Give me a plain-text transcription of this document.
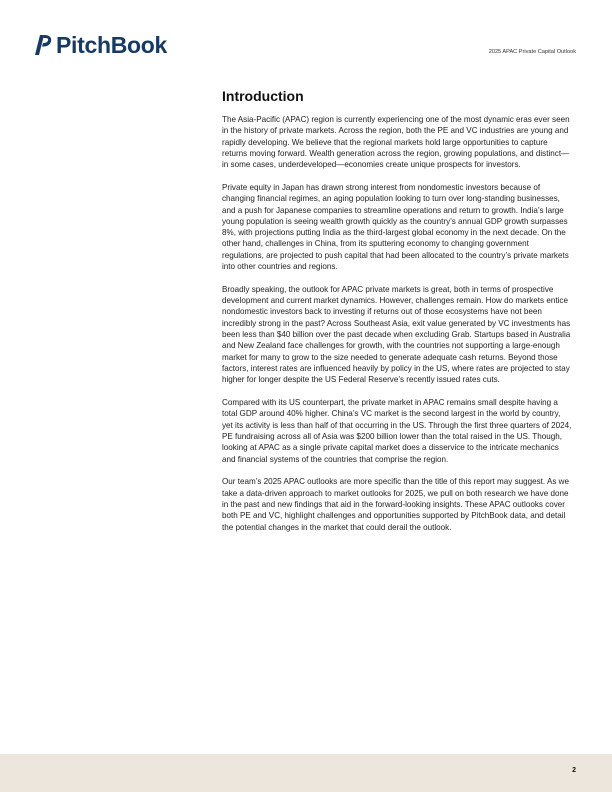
PitchBook	2025 APAC Private Capital Outlook
Introduction

The Asia-Pacific (APAC) region is currently experiencing one of the most dynamic eras ever seen in the history of private markets. Across the region, both the PE and VC industries are young and rapidly developing. We believe that the regional markets hold large opportunities to capture returns moving forward. Wealth generation across the region, growing populations, and distinct—in some cases, underdeveloped—economies create unique prospects for investors.

Private equity in Japan has drawn strong interest from nondomestic investors because of changing financial regimes, an aging population looking to turn over long-standing businesses, and a push for Japanese companies to streamline operations and return to growth. India’s large young population is seeing wealth growth quickly as the country’s annual GDP growth surpasses 8%, with projections putting India as the third-largest global economy in the next decade. On the other hand, challenges in China, from its sputtering economy to changing government regulations, are projected to push capital that had been allocated to the country’s private markets into other countries and regions.

Broadly speaking, the outlook for APAC private markets is great, both in terms of prospective development and current market dynamics. However, challenges remain. How do markets entice nondomestic investors back to investing if returns out of those ecosystems have not been incredibly strong in the past? Across Southeast Asia, exit value generated by VC investments has been less than $40 billion over the past decade when excluding Grab. Startups based in Australia and New Zealand face challenges for growth, with the countries not supporting a large-enough market for many to grow to the size needed to generate adequate cash returns. Beyond those factors, interest rates are influenced heavily by policy in the US, where rates are projected to stay higher for longer despite the US Federal Reserve’s recently issued rates cuts.

Compared with its US counterpart, the private market in APAC remains small despite having a total GDP around 40% higher. China’s VC market is the second largest in the world by country, yet its activity is less than half of that occurring in the US. Through the first three quarters of 2024, PE fundraising across all of Asia was $200 billion lower than the total raised in the US. Though, looking at APAC as a single private capital market does a disservice to the intricate mechanics and financial systems of the countries that comprise the region.

Our team’s 2025 APAC outlooks are more specific than the title of this report may suggest. As we take a data-driven approach to market outlooks for 2025, we pull on both research we have done in the past and new findings that aid in the forward-looking insights. These APAC outlooks cover both PE and VC, highlight challenges and opportunities supported by PitchBook data, and detail the potential changes in the market that could derail the outlook.

2
